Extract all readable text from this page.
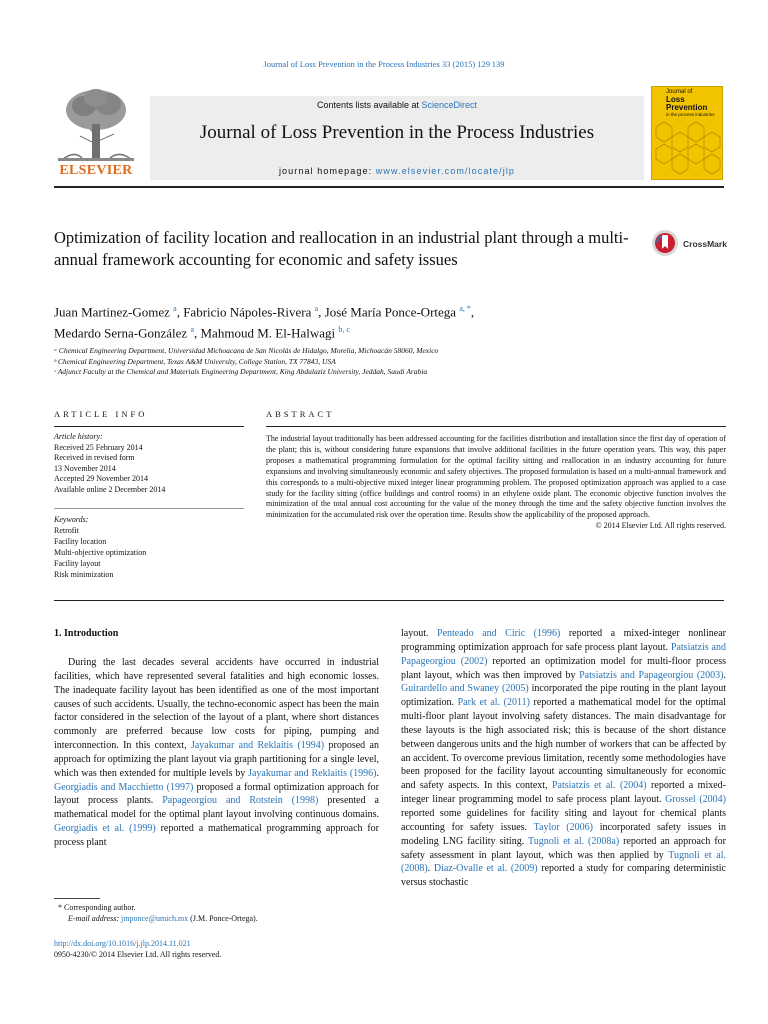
Journal of Loss Prevention in the Process Industries 33 (2015) 129 139
ELSEVIER
Contents lists available at ScienceDirect
Journal of Loss Prevention in the Process Industries
journal homepage: www.elsevier.com/locate/jlp
Journal of
Loss
Prevention
in the process industries
Optimization of facility location and reallocation in an industrial plant through a multi-annual framework accounting for economic and safety issues
CrossMark
Juan Martinez-Gomez $^a$, Fabricio Nápoles-Rivera $^a$, José María Ponce-Ortega $^{a, *}$,
Medardo Serna-González $^a$, Mahmoud M. El-Halwagi $^{b, c}$
ᵃ Chemical Engineering Department, Universidad Michoacana de San Nicolás de Hidalgo, Morelia, Michoacán 58060, Mexico
ᵇ Chemical Engineering Department, Texas A&M University, College Station, TX 77843, USA
ᶜ Adjunct Faculty at the Chemical and Materials Engineering Department, King Abdulaziz University, Jeddah, Saudi Arabia
ARTICLE INFO	ABSTRACT
Article history:
Received 25 February 2014
Received in revised form
13 November 2014
Accepted 29 November 2014
Available online 2 December 2014
Keywords:
Retrofit
Facility location
Multi-objective optimization
Facility layout
Risk minimization
The industrial layout traditionally has been addressed accounting for the facilities distribution and installation since the first day of operation of the plant; this is, without considering future expansions that involve additional facilities in the future operation years. This way, this paper proposes a mathematical programming formulation for the optimal facility sitting and reallocation in an industry accounting for future expansions and involving simultaneously economic and safety objectives. The proposed formulation is based on a multi-annual framework and this corresponds to a multi-objective mixed integer linear programming problem. The proposed optimization approach was applied to a case study for the facility sitting (office buildings and control rooms) in an ethylene oxide plant. The economic objective function involves the minimization of the total annual cost accounting for the value of the money through the time and the safety objective function involves the minimization for the accumulated risk over the operation time. Results show the applicability of the proposed approach.
© 2014 Elsevier Ltd. All rights reserved.
1. Introduction
During the last decades several accidents have occurred in industrial facilities, which have represented several fatalities and high economic losses. The inadequate facility layout has been identified as one of the most important causes of such accidents. Usually, the techno-economic aspect has been the main factor considered in the selection of the layout of a plant, where short distances commonly are preferred because low costs for piping, pumping and interconnection. In this context, Jayakumar and Reklaitis (1994) proposed an approach for optimizing the plant layout via graph partitioning for a single level, which was then extended for multiple levels by Jayakumar and Reklaitis (1996). Georgiadis and Macchietto (1997) proposed a formal optimization approach for layout process plants. Papageorgiou and Rotstein (1998) presented a mathematical model for the optimal plant layout involving continuous domains. Georgiadis et al. (1999) reported a mathematical programming approach for process plant
layout. Penteado and Ciric (1996) reported a mixed-integer nonlinear programming optimization approach for safe process plant layout. Patsiatzis and Papageorgiou (2002) reported an optimization model for multi-floor process plant layout, which was then improved by Patsiatzis and Papageorgiou (2003). Guirardello and Swaney (2005) incorporated the pipe routing in the plant layout optimization. Park et al. (2011) reported a mathematical model for the optimal multi-floor plant layout involving safety distances. The main disadvantage for these layouts is the high associated risk; this is because of the short distance between dangerous units and the high number of workers that can be affected by an accident. To overcome previous limitation, recently some methodologies have been proposed for the facility layout accounting simultaneously for economic and safety aspects. In this context, Patsiatzis et al. (2004) reported a mixed-integer linear programming model to safe process plant layout. Grossel (2004) reported some guidelines for facility siting and layout for chemical plants accounting for safety issues. Taylor (2006) incorporated safety issues in modeling LNG facility siting. Tugnoli et al. (2008a) reported an approach for safety assessment in plant layout, which was then applied by Tugnoli et al. (2008). Díaz-Ovalle et al. (2009) reported a study for comparing deterministic versus stochastic
* Corresponding author.
E-mail address: jmponce@umich.mx (J.M. Ponce-Ortega).
http://dx.doi.org/10.1016/j.jlp.2014.11.021
0950-4230/© 2014 Elsevier Ltd. All rights reserved.
